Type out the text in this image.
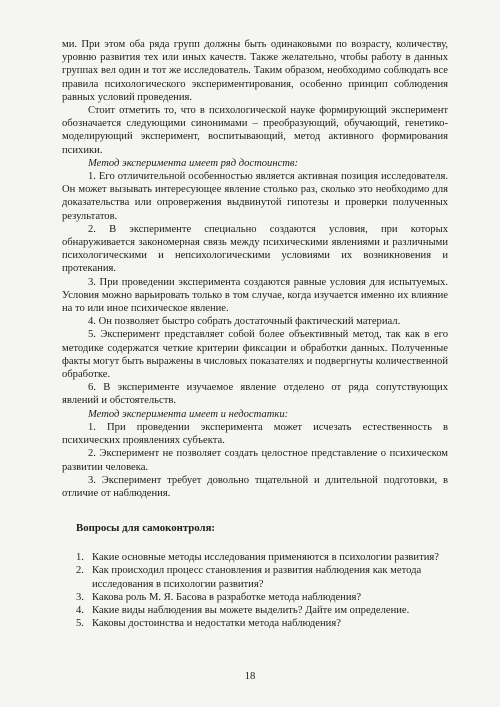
ми. При этом оба ряда групп должны быть одинаковыми по возрасту, количеству, уровню развития тех или иных качеств. Также желательно, чтобы работу в данных группах вел один и тот же исследователь. Таким образом, необходимо соблюдать все правила психологического экспериментирования, особенно принцип соблюдения равных условий проведения.

Стоит отметить то, что в психологической науке формирующий эксперимент обозначается следующими синонимами – преобразующий, обучающий, генетико-моделирующий эксперимент, воспитывающий, метод активного формирования психики.

Метод эксперимента имеет ряд достоинств:

1. Его отличительной особенностью является активная позиция исследователя. Он может вызывать интересующее явление столько раз, сколько это необходимо для доказательства или опровержения выдвинутой гипотезы и проверки полученных результатов.

2. В эксперименте специально создаются условия, при которых обнаруживается закономерная связь между психическими явлениями и различными психологическими и непсихологическими условиями их возникновения и протекания.

3. При проведении эксперимента создаются равные условия для испытуемых. Условия можно варьировать только в том случае, когда изучается именно их влияние на то или иное психическое явление.

4. Он позволяет быстро собрать достаточный фактический материал.

5. Эксперимент представляет собой более объективный метод, так как в его методике содержатся четкие критерии фиксации и обработки данных. Полученные факты могут быть выражены в числовых показателях и подвергнуты количественной обработке.

6. В эксперименте изучаемое явление отделено от ряда сопутствующих явлений и обстоятельств.

Метод эксперимента имеет и недостатки:

1. При проведении эксперимента может исчезать естественность в психических проявлениях субъекта.

2. Эксперимент не позволяет создать целостное представление о психическом развитии человека.

3. Эксперимент требует довольно тщательной и длительной подготовки, в отличие от наблюдения.

Вопросы для самоконтроля:
1. Какие основные методы исследования применяются в психологии развития?
2. Как происходил процесс становления и развития наблюдения как метода исследования в психологии развития?
3. Какова роль М. Я. Басова в разработке метода наблюдения?
4. Какие виды наблюдения вы можете выделить? Дайте им определение.
5. Каковы достоинства и недостатки метода наблюдения?
18
